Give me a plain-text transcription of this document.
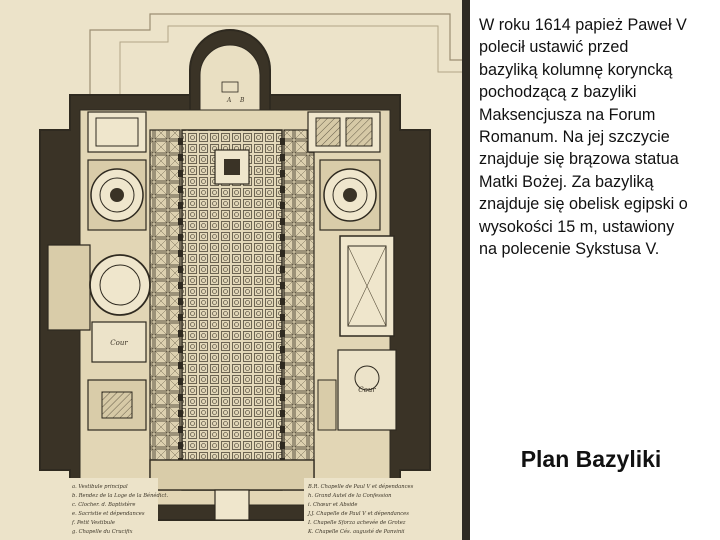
Cour
Cour
A B
a. Vestibule principal
b. Rendez de la Loge de la Bénédict.
c. Clocher. d. Baptistère
e. Sacristie et dépendances
f. Petit Vestibule
g. Chapelle du Crucifix
B.R. Chapelle de Paul V et dépendances
h. Grand Autel de la Confession
i. Chœur et Abside
J.J. Chapelle de Paul V et dépendances
I. Chapelle Sforza achevée de Grotez
K. Chapelle Cés. augusté de Panvinii
W roku 1614 papież Paweł V
polecił ustawić przed
bazyliką kolumnę koryncką
pochodzącą z bazyliki
Maksencjusza na Forum
Romanum. Na jej szczycie
znajduje się brązowa statua
Matki Bożej. Za bazyliką
znajduje się obelisk egipski o
wysokości 15 m, ustawiony
na polecenie Sykstusa V.
Plan Bazyliki
